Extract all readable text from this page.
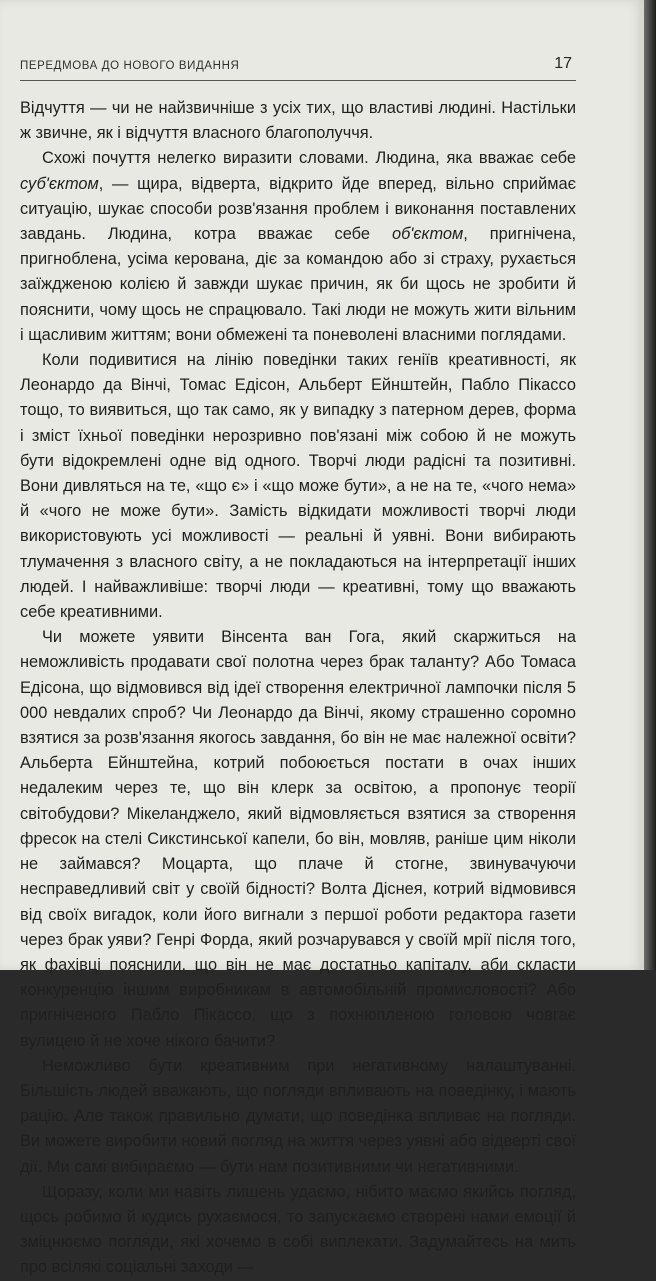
ПЕРЕДМОВА ДО НОВОГО ВИДАННЯ	17

Відчуття — чи не найзвичніше з усіх тих, що властиві людині. Настільки ж звичне, як і відчуття власного благополуччя.

Схожі почуття нелегко виразити словами. Людина, яка вважає себе суб'єктом, — щира, відверта, відкрито йде вперед, вільно сприймає ситуацію, шукає способи розв'язання проблем і виконання поставлених завдань. Людина, котра вважає себе об'єктом, пригнічена, пригноблена, усіма керована, діє за командою або зі страху, рухається заїждженою колією й завжди шукає причин, як би щось не зробити й пояснити, чому щось не спрацювало. Такі люди не можуть жити вільним і щасливим життям; вони обмежені та поневолені власними поглядами.

Коли подивитися на лінію поведінки таких геніїв креативності, як Леонардо да Вінчі, Томас Едісон, Альберт Ейнштейн, Пабло Пікассо тощо, то виявиться, що так само, як у випадку з патерном дерев, форма і зміст їхньої поведінки нерозривно пов'язані між собою й не можуть бути відокремлені одне від одного. Творчі люди радісні та позитивні. Вони дивляться на те, «що є» і «що може бути», а не на те, «чого нема» й «чого не може бути». Замість відкидати можливості творчі люди використовують усі можливості — реальні й уявні. Вони вибирають тлумачення з власного світу, а не покладаються на інтерпретації інших людей. І найважливіше: творчі люди — креативні, тому що вважають себе креативними.

Чи можете уявити Вінсента ван Гога, який скаржиться на неможливість продавати свої полотна через брак таланту? Або Томаса Едісона, що відмовився від ідеї створення електричної лампочки після 5 000 невдалих спроб? Чи Леонардо да Вінчі, якому страшенно соромно взятися за розв'язання якогось завдання, бо він не має належної освіти? Альберта Ейнштейна, котрий побоюється постати в очах інших недалеким через те, що він клерк за освітою, а пропонує теорії світобудови? Мікеланджело, який відмовляється взятися за створення фресок на стелі Сикстинської капели, бо він, мовляв, раніше цим ніколи не займався? Моцарта, що плаче й стогне, звинувачуючи несправедливий світ у своїй бідності? Волта Діснея, котрий відмовився від своїх вигадок, коли його вигнали з першої роботи редактора газети через брак уяви? Генрі Форда, який розчарувався у своїй мрії після того, як фахівці пояснили, що він не має достатньо капіталу, аби скласти конкуренцію іншим виробникам в автомобільній промисловості? Або пригніченого Пабло Пікассо, що з похнюпленою головою човгає вулицею й не хоче нікого бачити?

Неможливо бути креативним при негативному налаштуванні. Більшість людей вважають, що погляди впливають на поведінку, і мають рацію. Але також правильно думати, що поведінка впливає на погляди. Ви можете виробити новий погляд на життя через уявні або відверті свої дії. Ми самі вибираємо — бути нам позитивними чи негативними.

Щоразу, коли ми навіть лишень удаємо, нібито маємо якийсь погляд, щось робимо й кудись рухаємося, то запускаємо створені нами емоції й зміцнюємо погляди, які хочемо в собі виплекати. Задумайтесь на мить про всілякі соціальні заходи —
